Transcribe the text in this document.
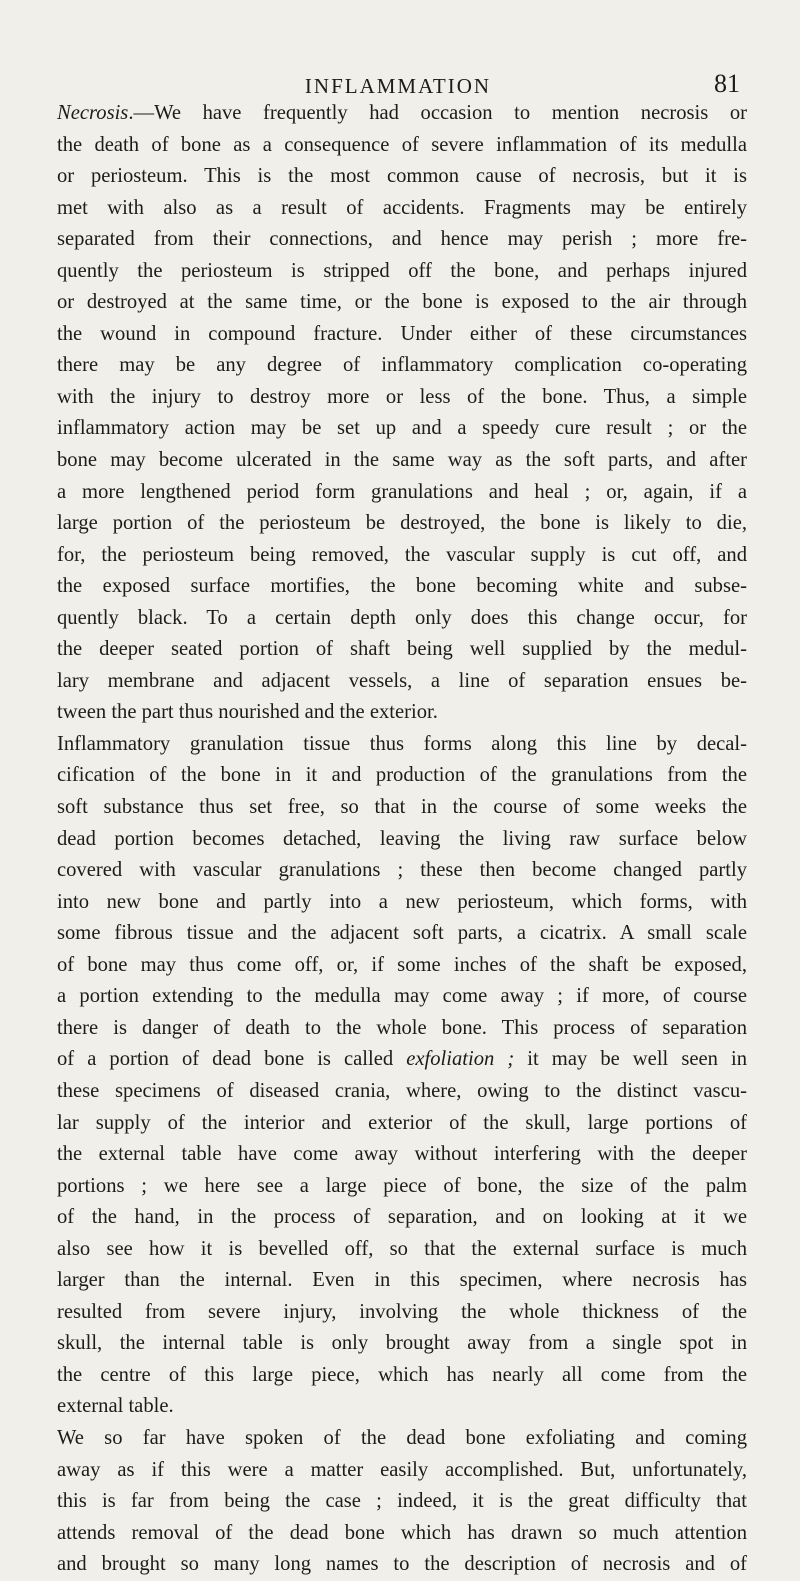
INFLAMMATION	81
Necrosis.—We have frequently had occasion to mention necrosis or
the death of bone as a consequence of severe inflammation of its medulla
or periosteum. This is the most common cause of necrosis, but it is
met with also as a result of accidents. Fragments may be entirely
separated from their connections, and hence may perish ; more fre-
quently the periosteum is stripped off the bone, and perhaps injured
or destroyed at the same time, or the bone is exposed to the air through
the wound in compound fracture. Under either of these circumstances
there may be any degree of inflammatory complication co-operating
with the injury to destroy more or less of the bone. Thus, a simple
inflammatory action may be set up and a speedy cure result ; or the
bone may become ulcerated in the same way as the soft parts, and after
a more lengthened period form granulations and heal ; or, again, if a
large portion of the periosteum be destroyed, the bone is likely to die,
for, the periosteum being removed, the vascular supply is cut off, and
the exposed surface mortifies, the bone becoming white and subse-
quently black. To a certain depth only does this change occur, for
the deeper seated portion of shaft being well supplied by the medul-
lary membrane and adjacent vessels, a line of separation ensues be-
tween the part thus nourished and the exterior.
Inflammatory granulation tissue thus forms along this line by decal-
cification of the bone in it and production of the granulations from the
soft substance thus set free, so that in the course of some weeks the
dead portion becomes detached, leaving the living raw surface below
covered with vascular granulations ; these then become changed partly
into new bone and partly into a new periosteum, which forms, with
some fibrous tissue and the adjacent soft parts, a cicatrix. A small scale
of bone may thus come off, or, if some inches of the shaft be exposed,
a portion extending to the medulla may come away ; if more, of course
there is danger of death to the whole bone. This process of separation
of a portion of dead bone is called exfoliation ; it may be well seen in
these specimens of diseased crania, where, owing to the distinct vascu-
lar supply of the interior and exterior of the skull, large portions of
the external table have come away without interfering with the deeper
portions ; we here see a large piece of bone, the size of the palm
of the hand, in the process of separation, and on looking at it we
also see how it is bevelled off, so that the external surface is much
larger than the internal. Even in this specimen, where necrosis has
resulted from severe injury, involving the whole thickness of the
skull, the internal table is only brought away from a single spot in
the centre of this large piece, which has nearly all come from the
external table.
We so far have spoken of the dead bone exfoliating and coming
away as if this were a matter easily accomplished. But, unfortunately,
this is far from being the case ; indeed, it is the great difficulty that
attends removal of the dead bone which has drawn so much attention
and brought so many long names to the description of necrosis and of
